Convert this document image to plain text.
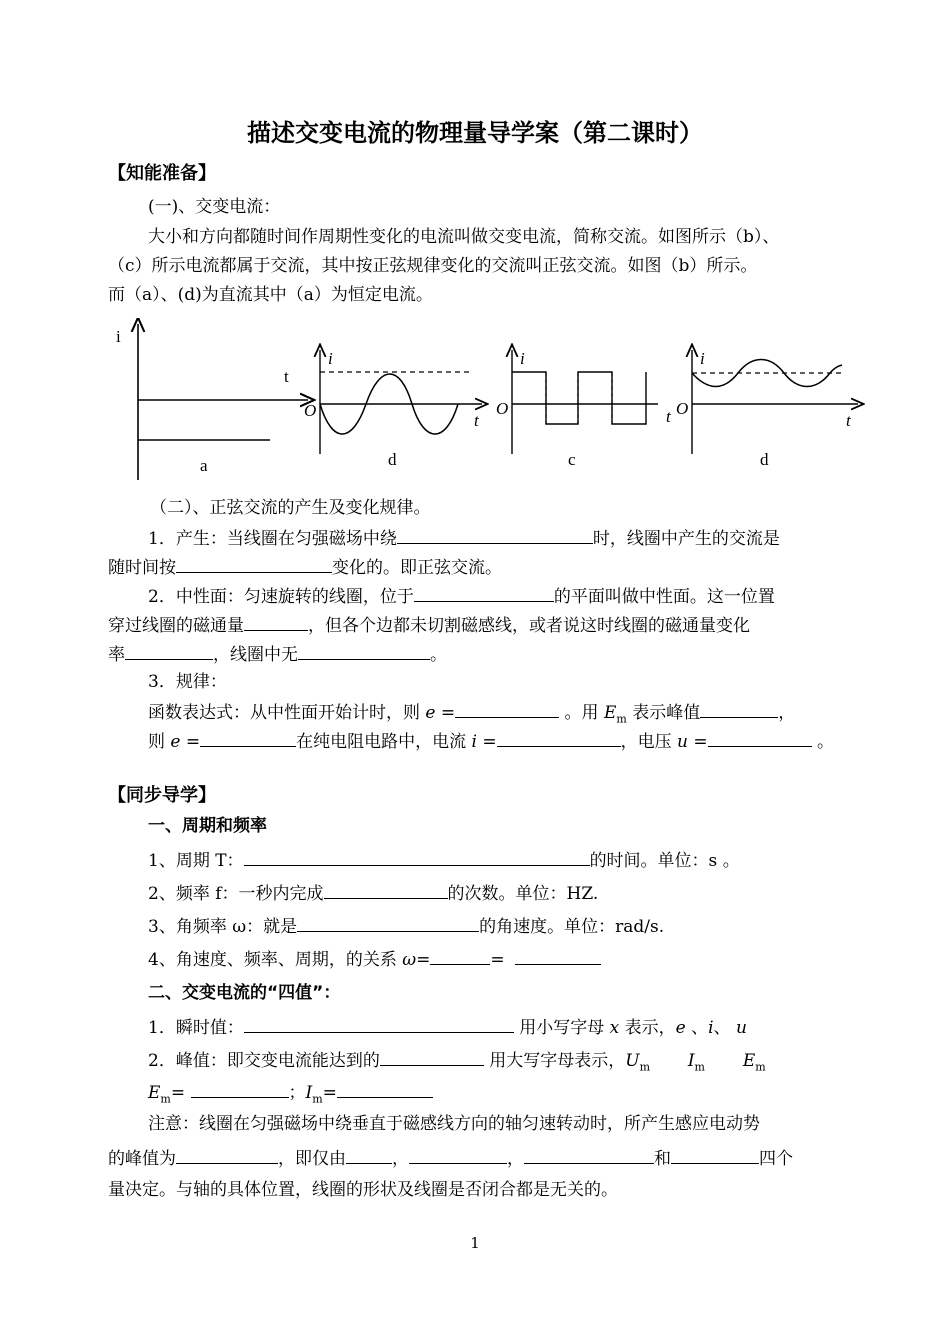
描述交变电流的物理量导学案（第二课时）
【知能准备】
(一)、交变电流：
大小和方向都随时间作周期性变化的电流叫做交变电流，简称交流。如图所示（b）、
（c）所示电流都属于交流，其中按正弦规律变化的交流叫正弦交流。如图（b）所示。
而（a）、(d)为直流其中（a）为恒定电流。
i
t
a
i
t
O
d
i
t
O
c
i
t
O
d
（二）、正弦交流的产生及变化规律。
1．产生：当线圈在匀强磁场中绕	时，线圈中产生的交流是
随时间按	变化的。即正弦交流。
2．中性面：匀速旋转的线圈，位于	的平面叫做中性面。这一位置
穿过线圈的磁通量	，但各个边都未切割磁感线，或者说这时线圈的磁通量变化
率	，线圈中无	。
3．规律：
函数表达式：从中性面开始计时，则 e =	。用 $E_m$ 表示峰值	，
则 e =	在纯电阻电路中，电流 i =	，电压 u =	。
【同步导学】
一、周期和频率
1、周期 T：	的时间。单位：s 。
2、频率 f：一秒内完成	的次数。单位：HZ.
3、角频率 ω：就是	的角速度。单位：rad/s.
4、角速度、频率、周期，的关系 ω=	=
二、交变电流的“四值”：
1．瞬时值：	用小写字母 x 表示，e 、i、 u
2．峰值：即交变电流能达到的	用大写字母表示，$U_m$ $I_m$ $E_m$
$E_m=$	；$I_m=$
注意：线圈在匀强磁场中绕垂直于磁感线方向的轴匀速转动时，所产生感应电动势
的峰值为	，即仅由	，	，	和	四个
量决定。与轴的具体位置，线圈的形状及线圈是否闭合都是无关的。
1
